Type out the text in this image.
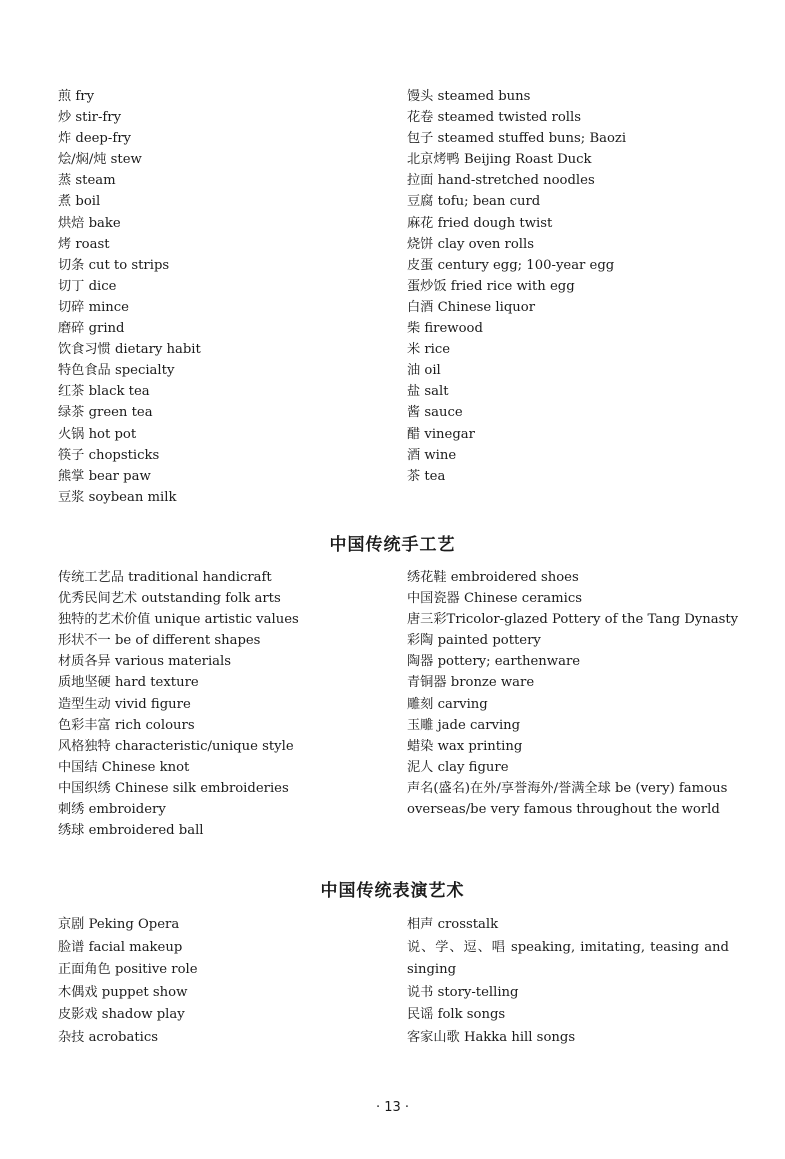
煎 fry
炒 stir-fry
炸 deep-fry
烩/焖/炖 stew
蒸 steam
煮 boil
烘焙 bake
烤 roast
切条 cut to strips
切丁 dice
切碎 mince
磨碎 grind
饮食习惯 dietary habit
特色食品 specialty
红茶 black tea
绿茶 green tea
火锅 hot pot
筷子 chopsticks
熊掌 bear paw
豆浆 soybean milk
馒头 steamed buns
花卷 steamed twisted rolls
包子 steamed stuffed buns; Baozi
北京烤鸭 Beijing Roast Duck
拉面 hand-stretched noodles
豆腐 tofu; bean curd
麻花 fried dough twist
烧饼 clay oven rolls
皮蛋 century egg; 100-year egg
蛋炒饭 fried rice with egg
白酒 Chinese liquor
柴 firewood
米 rice
油 oil
盐 salt
酱 sauce
醋 vinegar
酒 wine
茶 tea
中国传统手工艺
传统工艺品 traditional handicraft
优秀民间艺术 outstanding folk arts
独特的艺术价值 unique artistic values
形状不一 be of different shapes
材质各异 various materials
质地坚硬 hard texture
造型生动 vivid figure
色彩丰富 rich colours
风格独特 characteristic/unique style
中国结 Chinese knot
中国织绣 Chinese silk embroideries
刺绣 embroidery
绣球 embroidered ball
绣花鞋 embroidered shoes
中国瓷器 Chinese ceramics
唐三彩Tricolor-glazed Pottery of the Tang Dynasty
彩陶 painted pottery
陶器 pottery; earthenware
青铜器 bronze ware
雕刻 carving
玉雕 jade carving
蜡染 wax printing
泥人 clay figure
声名(盛名)在外/享誉海外/誉满全球 be (very) famous overseas/be very famous throughout the world
中国传统表演艺术
京剧 Peking Opera
脸谱 facial makeup
正面角色 positive role
木偶戏 puppet show
皮影戏 shadow play
杂技 acrobatics
相声 crosstalk
说、学、逗、唱 speaking, imitating, teasing and singing
说书 story-telling
民谣 folk songs
客家山歌 Hakka hill songs
· 13 ·
